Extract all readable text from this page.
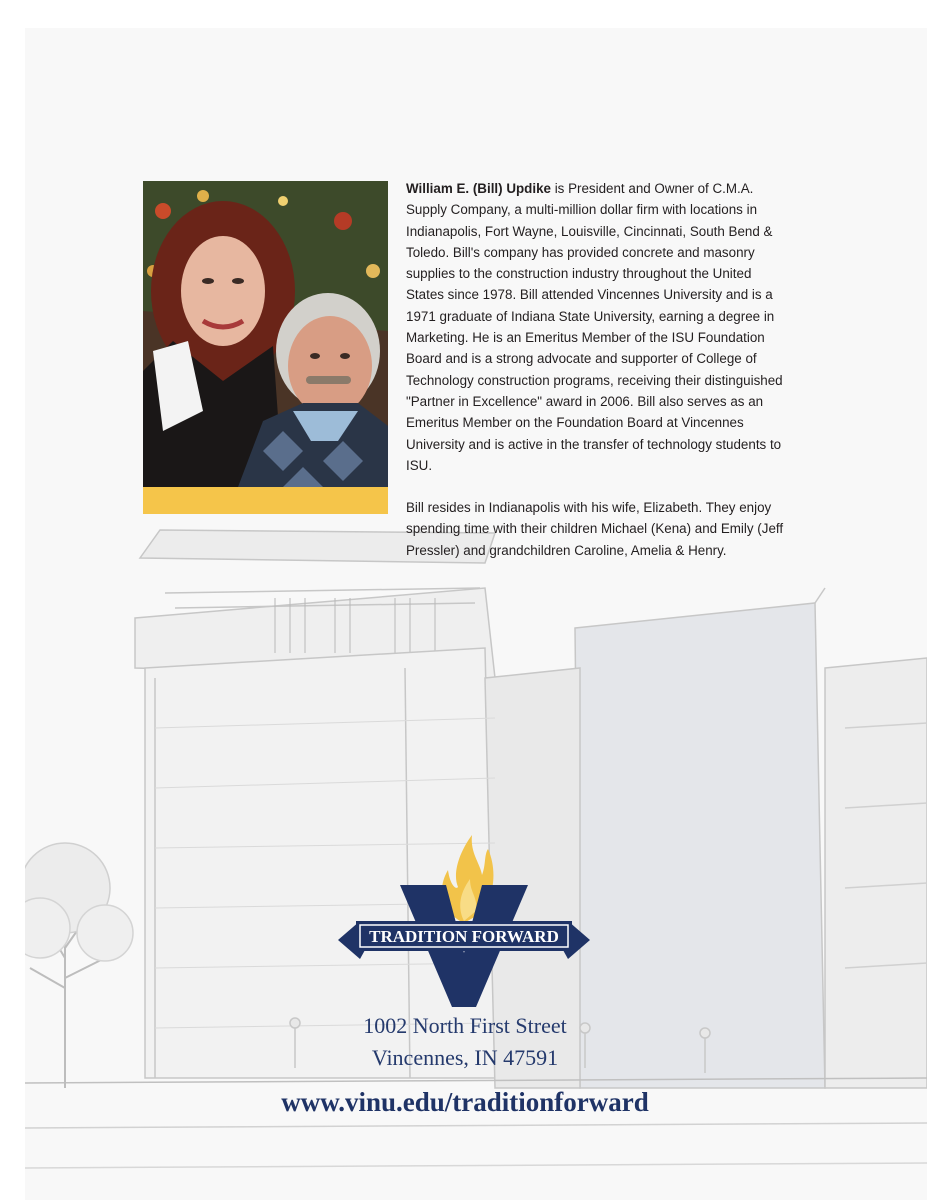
William E. (Bill) Updike is President and Owner of C.M.A. Supply Company, a multi-million dollar firm with locations in Indianapolis, Fort Wayne, Louisville, Cincinnati, South Bend & Toledo. Bill's company has provided concrete and masonry supplies to the construction industry throughout the United States since 1978. Bill attended Vincennes University and is a 1971 graduate of Indiana State University, earning a degree in Marketing. He is an Emeritus Member of the ISU Foundation Board and is a strong advocate and supporter of College of Technology construction programs, receiving their distinguished "Partner in Excellence" award in 2006. Bill also serves as an Emeritus Member on the Foundation Board at Vincennes University and is active in the transfer of technology students to ISU.

Bill resides in Indianapolis with his wife, Elizabeth. They enjoy spending time with their children Michael (Kena) and Emily (Jeff Pressler) and grandchildren Caroline, Amelia & Henry.

TRADITION FORWARD
1002 North First Street
Vincennes, IN 47591
www.vinu.edu/traditionforward
